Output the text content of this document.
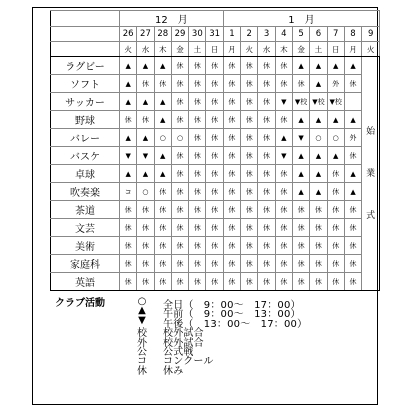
	12　月						1　月								
	26	27	28	29	30	31	1	2	3	4	5	6	7	8	9
	火	水	木	金	土	日	月	火	水	木	金	土	日	月	火
ラグビー	▲	▲	▲	休	休	休	休	休	休	休	▲	▲	▲	▲	始
業
式

ソフト	▲	休	休	休	休	休	休	休	休	休	休	▲	外	休	
サッカー	▲	▲	▲	休	休	休	休	休	休	▼	▼校	▼校	▼校		
野球	休	休	▲	休	休	休	休	休	休	休	▲	▲	▲	▲	
バレー	▲	▲	○	○	休	休	休	休	休	▲	▼	○	○	外	
バスケ	▼	▼	▲	休	休	休	休	休	休	▼	▲	▲	▲	休	
卓球	▲	▲	▲	休	休	休	休	休	休	休	▲	▲	休	▲	
吹奏楽	コ	○	休	休	休	休	休	休	休	休	▲	▲	休	▲	
茶道	休	休	休	休	休	休	休	休	休	休	休	休	休	休	
文芸	休	休	休	休	休	休	休	休	休	休	休	休	休	休	
美術	休	休	休	休	休	休	休	休	休	休	休	休	休	休	
家庭科	休	休	休	休	休	休	休	休	休	休	休	休	休	休	
英語	休	休	休	休	休	休	休	休	休	休	休	休	休	休	
クラブ活動	○ 全日（　9：00～　17：00）
▲ 午前（　9：00～　13：00）
▼ 午後（　13：00～　17：00）
校 校外試合
外 校外試合
公 公式戦
コ コンクール
休 休み
